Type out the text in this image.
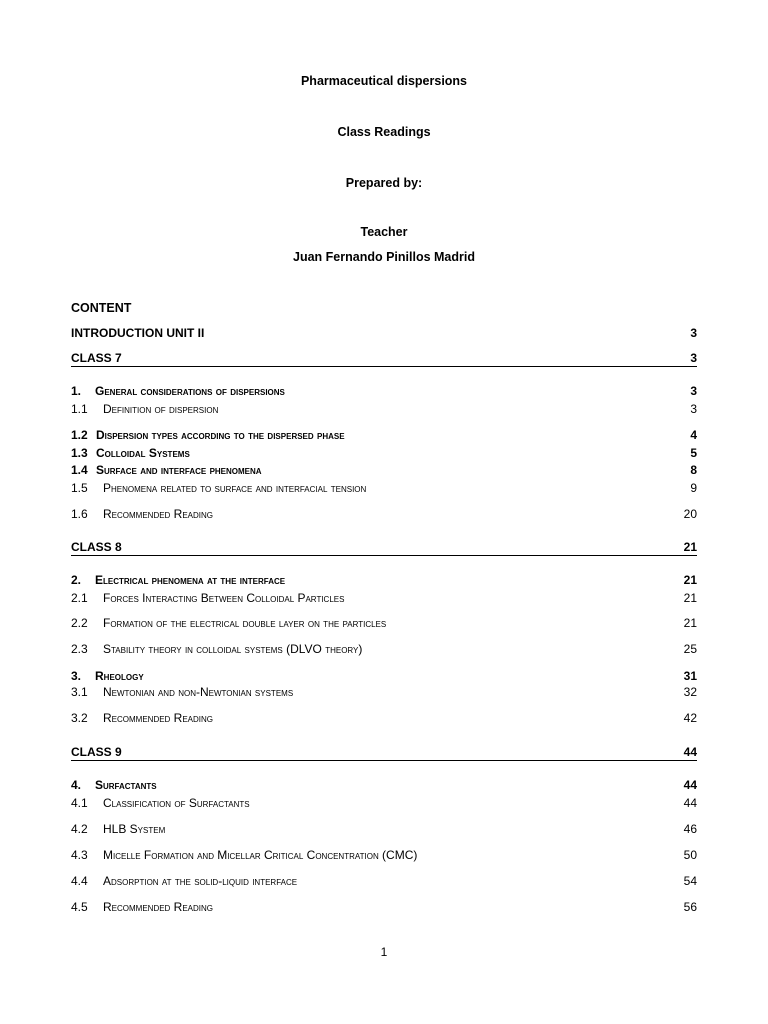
Pharmaceutical dispersions
Class Readings
Prepared by:
Teacher
Juan Fernando Pinillos Madrid
CONTENT
INTRODUCTION UNIT II	3
CLASS 7	3
1. General considerations of dispersions	3
1.1 Definition of dispersion	3
1.2 Dispersion types according to the dispersed phase	4
1.3 Colloidal Systems	5
1.4 Surface and interface phenomena	8
1.5 Phenomena related to surface and interfacial tension	9
1.6 Recommended Reading	20
CLASS 8	21
2. Electrical phenomena at the interface	21
2.1 Forces Interacting Between Colloidal Particles	21
2.2 Formation of the electrical double layer on the particles	21
2.3 Stability theory in colloidal systems (DLVO theory)	25
3. Rheology	31
3.1 Newtonian and non-Newtonian systems	32
3.2 Recommended Reading	42
CLASS 9	44
4. Surfactants	44
4.1 Classification of Surfactants	44
4.2 HLB System	46
4.3 Micelle Formation and Micellar Critical Concentration (CMC)	50
4.4 Adsorption at the solid-liquid interface	54
4.5 Recommended Reading	56
1
